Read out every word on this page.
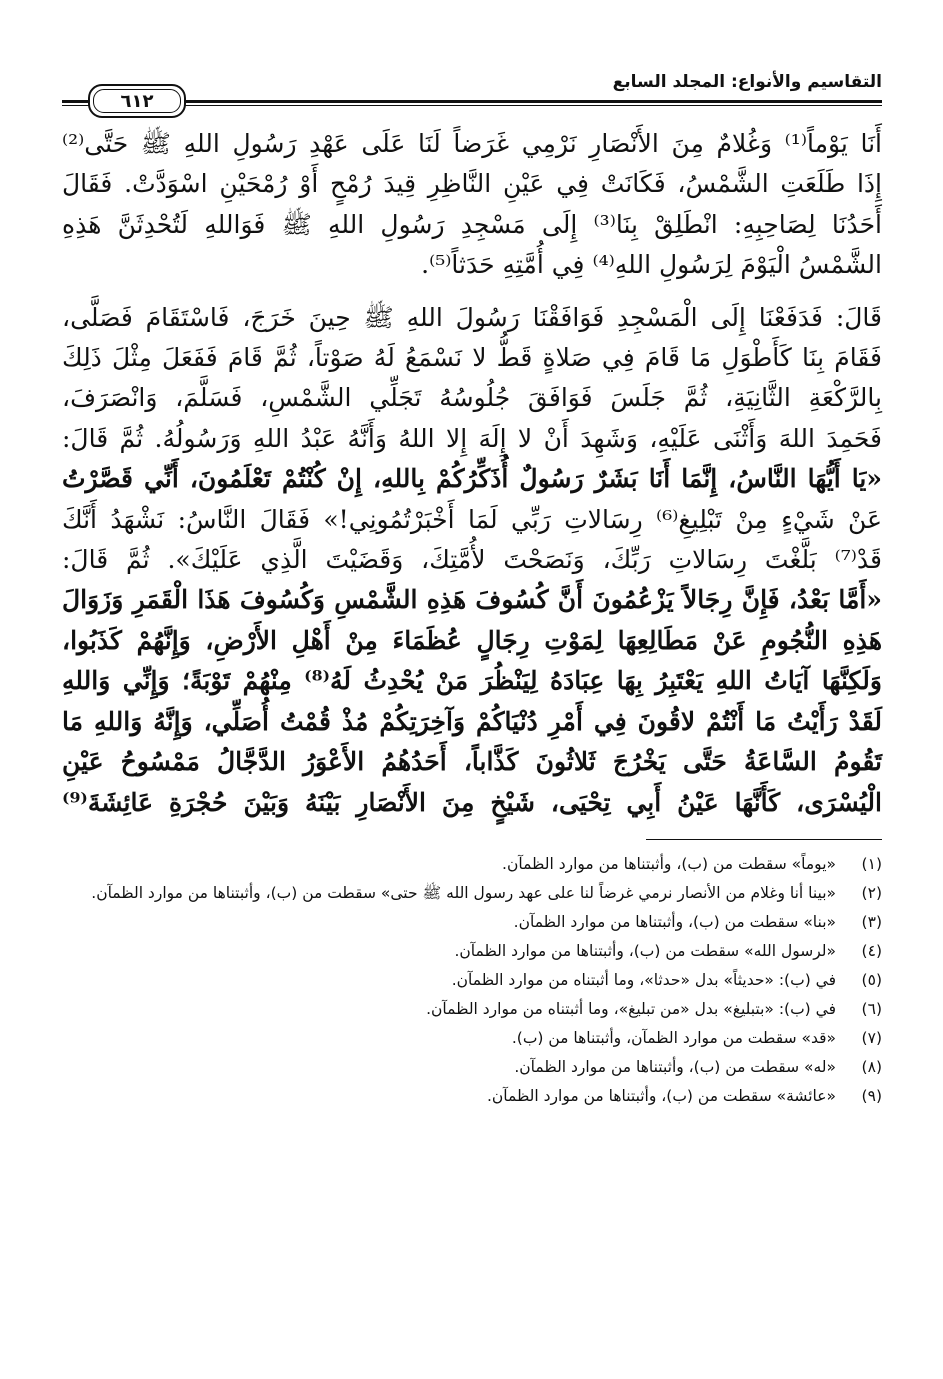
التقاسيم والأنواع: المجلد السابع
٦١٢

أَنَا يَوْماً⁽¹⁾ وَغُلامٌ مِنَ الأَنْصَارِ نَرْمِي غَرَضاً لَنَا عَلَى عَهْدِ رَسُولِ اللهِ ﷺ حَتَّى⁽²⁾
إِذَا طَلَعَتِ الشَّمْسُ، فَكَانَتْ فِي عَيْنِ النَّاظِرِ قِيدَ رُمْحٍ أَوْ رُمْحَيْنِ اسْوَدَّتْ. فَقَالَ
أَحَدُنَا لِصَاحِبِهِ: انْطَلِقْ بِنَا⁽³⁾ إِلَى مَسْجِدِ رَسُولِ اللهِ ﷺ فَوَاللهِ لَتُحْدِثَنَّ هَذِهِ
الشَّمْسُ الْيَوْمَ لِرَسُولِ اللهِ⁽⁴⁾ فِي أُمَّتِهِ حَدَثاً⁽⁵⁾.

قَالَ: فَدَفَعْنَا إِلَى الْمَسْجِدِ فَوَافَقْنَا رَسُولَ اللهِ ﷺ حِينَ خَرَجَ، فَاسْتَقَامَ فَصَلَّى،
فَقَامَ بِنَا كَأَطْوَلِ مَا قَامَ فِي صَلاةٍ قَطُّ لا نَسْمَعُ لَهُ صَوْتاً، ثُمَّ قَامَ فَفَعَلَ مِثْلَ ذَلِكَ
بِالرَّكْعَةِ الثَّانِيَةِ، ثُمَّ جَلَسَ فَوَافَقَ جُلُوسُهُ تَجَلِّي الشَّمْسِ، فَسَلَّمَ، وَانْصَرَفَ،
فَحَمِدَ اللهَ وَأَثْنَى عَلَيْهِ، وَشَهِدَ أَنْ لا إِلَهَ إِلا اللهُ وَأَنَّهُ عَبْدُ اللهِ وَرَسُولُهُ. ثُمَّ قَالَ:
«يَا أَيُّهَا النَّاسُ، إِنَّمَا أَنَا بَشَرٌ رَسُولٌ أُذَكِّرُكُمْ بِاللهِ، إِنْ كُنْتُمْ تَعْلَمُونَ، أَنِّي قَصَّرْتُ
عَنْ شَيْءٍ مِنْ تَبْلِيغِ⁽⁶⁾ رِسَالاتِ رَبِّي لَمَا أَخْبَرْتُمُونِي!» فَقَالَ النَّاسُ: نَشْهَدُ أَنَّكَ
قَدْ⁽⁷⁾ بَلَّغْتَ رِسَالاتِ رَبِّكَ، وَنَصَحْتَ لأُمَّتِكَ، وَقَضَيْتَ الَّذِي عَلَيْكَ». ثُمَّ قَالَ:
«أَمَّا بَعْدُ، فَإِنَّ رِجَالاً يَزْعُمُونَ أَنَّ كُسُوفَ هَذِهِ الشَّمْسِ وَكُسُوفَ هَذَا الْقَمَرِ وَزَوَالَ
هَذِهِ النُّجُومِ عَنْ مَطَالِعِهَا لِمَوْتِ رِجَالٍ عُظَمَاءَ مِنْ أَهْلِ الأَرْضِ، وَإِنَّهُمْ كَذَبُوا،
وَلَكِنَّهَا آيَاتُ اللهِ يَعْتَبِرُ بِهَا عِبَادَهُ لِيَنْظُرَ مَنْ يُحْدِثُ لَهُ⁽⁸⁾ مِنْهُمْ تَوْبَةً؛ وَإِنِّي وَاللهِ
لَقَدْ رَأَيْتُ مَا أَنْتُمْ لاقُونَ فِي أَمْرِ دُنْيَاكُمْ وَآخِرَتِكُمْ مُذْ قُمْتُ أُصَلِّي، وَإِنَّهُ وَاللهِ مَا
تَقُومُ السَّاعَةُ حَتَّى يَخْرُجَ ثَلاثُونَ كَذَّاباً، أَحَدُهُمُ الأَعْوَرُ الدَّجَّالُ مَمْسُوحُ عَيْنِ
الْيُسْرَى، كَأَنَّهَا عَيْنُ أَبِي تِحْيَى، شَيْخٍ مِنَ الأَنْصَارِ بَيْنَهُ وَبَيْنَ حُجْرَةِ عَائِشَةَ⁽⁹⁾

(١)
«يوماً» سقطت من (ب)، وأثبتناها من موارد الظمآن.
(٢)
«بينا أنا وغلام من الأنصار نرمي غرضاً لنا على عهد رسول الله ﷺ حتى» سقطت من (ب)، وأثبتناها من موارد الظمآن.
(٣)
«بنا» سقطت من (ب)، وأثبتناها من موارد الظمآن.
(٤)
«لرسول الله» سقطت من (ب)، وأثبتناها من موارد الظمآن.
(٥)
في (ب): «حديثاً» بدل «حدثا»، وما أثبتناه من موارد الظمآن.
(٦)
في (ب): «بتبليغ» بدل «من تبليغ»، وما أثبتناه من موارد الظمآن.
(٧)
«قد» سقطت من موارد الظمآن، وأثبتناها من (ب).
(٨)
«له» سقطت من (ب)، وأثبتناها من موارد الظمآن.
(٩)
«عائشة» سقطت من (ب)، وأثبتناها من موارد الظمآن.
